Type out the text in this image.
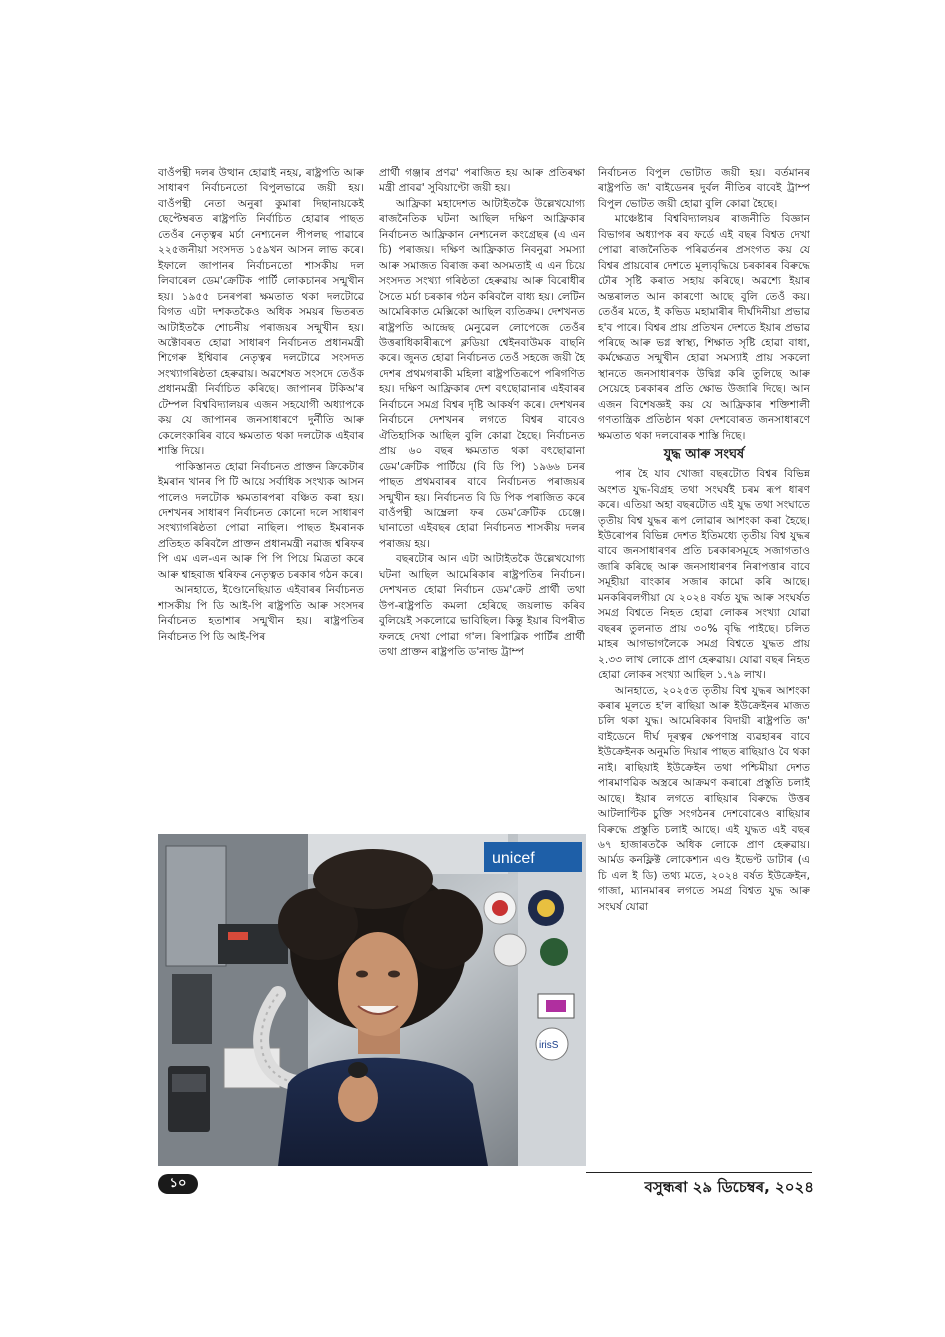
বাওঁপন্থী দলৰ উত্থান হোৱাই নহয়, ৰাষ্ট্ৰপতি আৰু সাধাৰণ নিৰ্বাচনতো বিপুলভাৱে জয়ী হয়। বাওঁপন্থী নেতা অনুৰা কুমাৰা দিছানায়কেই ছেপ্টেম্বৰত ৰাষ্ট্ৰপতি নিৰ্বাচিত হোৱাৰ পাছত তেওঁৰ নেতৃত্বৰ মৰ্চা নেশ্যনেল পীপলছ পাৱাৰে ২২৫জনীয়া সংসদত ১৫৯খন আসন লাভ কৰে। ইফালে জাপানৰ নিৰ্বাচনতো শাসকীয় দল লিবাৰেল ডেম'ক্ৰেটিক পাৰ্টি লোকচানৰ সন্মুখীন হয়। ১৯৫৫ চনৰপৰা ক্ষমতাত থকা দলটোৱে বিগত এটা দশকতকৈও অধিক সময়ৰ ভিতৰত আটাইতকৈ শোচনীয় পৰাজয়ৰ সন্মুখীন হয়। অক্টোবৰত হোৱা সাধাৰণ নিৰ্বাচনত প্ৰধানমন্ত্ৰী শিগেৰু ইশ্বিবাৰ নেতৃত্বৰ দলটোৱে সংসদত সংখ্যাগৰিষ্ঠতা হেৰুৱায়। অৱশেষত সংসদে তেওঁক প্ৰধানমন্ত্ৰী নিৰ্বাচিত কৰিছে। জাপানৰ টকিঅ'ৰ টেম্পল বিশ্ববিদ্যালয়ৰ এজন সহযোগী অধ্যাপকে কয় যে জাপানৰ জনসাধাৰণে দুৰ্নীতি আৰু কেলেংকাৰিৰ বাবে ক্ষমতাত থকা দলটোক এইবাৰ শাস্তি দিয়ে।

পাকিস্তানত হোৱা নিৰ্বাচনত প্ৰাক্তন ক্ৰিকেটাৰ ইমৰান খানৰ পি টি আয়ে সৰ্বাধিক সংখ্যক আসন পালেও দলটোক ক্ষমতাৰপৰা বঞ্চিত কৰা হয়। দেশখনৰ সাধাৰণ নিৰ্বাচনত কোনো দলে সাধাৰণ সংখ্যাগৰিষ্ঠতা পোৱা নাছিল। পাছত ইমৰানক প্ৰতিহত কৰিবলৈ প্ৰাক্তন প্ৰধানমন্ত্ৰী নৱাজ শ্বৰিফৰ পি এম এল-এন আৰু পি পি পিয়ে মিত্ৰতা কৰে আৰু শ্বাহবাজ শ্বৰিফৰ নেতৃত্বত চৰকাৰ গঠন কৰে।

আনহাতে, ইণ্ডোনেছিয়াত এইবাৰৰ নিৰ্বাচনত শাসকীয় পি ডি আই-পি ৰাষ্ট্ৰপতি আৰু সংসদৰ নিৰ্বাচনত হতাশাৰ সন্মুখীন হয়। ৰাষ্ট্ৰপতিৰ নিৰ্বাচনত পি ডি আই-পিৰ

প্ৰাৰ্থী গঞ্জাৰ প্ৰণৱ' পৰাজিত হয় আৰু প্ৰতিৰক্ষা মন্ত্ৰী প্ৰাবৱ' সুবিয়াণ্টো জয়ী হয়।

আফ্ৰিকা মহাদেশত আটাইতকৈ উল্লেখযোগ্য ৰাজনৈতিক ঘটনা আছিল দক্ষিণ আফ্ৰিকাৰ নিৰ্বাচনত আফ্ৰিকান নেশ্যনেল কংগ্ৰেছৰ (এ এন চি) পৰাজয়। দক্ষিণ আফ্ৰিকাত নিবনুৱা সমস্যা আৰু সমাজত বিৰাজ কৰা অসমতাই এ এন চিয়ে সংসদত সংখ্যা গৰিষ্ঠতা হেৰুৱায় আৰু বিৰোধীৰ সৈতে মৰ্চা চৰকাৰ গঠন কৰিবলৈ বাধ্য হয়। লেটিন আমেৰিকাত মেক্সিকো আছিল ব্যতিক্ৰম। দেশখনত ৰাষ্ট্ৰপতি আন্দ্ৰেছ মেনুৱেল লোপেজে তেওঁৰ উত্তৰাধিকাৰীৰূপে ক্লডিয়া শ্বেইনবাউমক বাছনি কৰে। জুনত হোৱা নিৰ্বাচনত তেওঁ সহজে জয়ী হৈ দেশৰ প্ৰথমগৰাকী মহিলা ৰাষ্ট্ৰপতিৰূপে পৰিগণিত হয়। দক্ষিণ আফ্ৰিকাৰ দেশ বৎছোৱানাৰ এইবাৰৰ নিৰ্বাচনে সমগ্ৰ বিশ্বৰ দৃষ্টি আকৰ্ষণ কৰে। দেশখনৰ নিৰ্বাচনে দেশখনৰ লগতে বিশ্বৰ বাবেও ঐতিহাসিক আছিল বুলি কোৱা হৈছে। নিৰ্বাচনত প্ৰায় ৬০ বছৰ ক্ষমতাত থকা বৎছোৱানা ডেম'ক্ৰেটিক পাৰ্টিয়ে (বি ডি পি) ১৯৬৬ চনৰ পাছত প্ৰথমবাৰৰ বাবে নিৰ্বাচনত পৰাজয়ৰ সন্মুখীন হয়। নিৰ্বাচনত বি ডি পিক পৰাজিত কৰে বাওঁপন্থী আম্ব্ৰেলা ফৰ ডেম'ক্ৰেটিক চেঞ্জে। ঘানাতো এইবছৰ হোৱা নিৰ্বাচনত শাসকীয় দলৰ পৰাজয় হয়।

বছৰটোৰ আন এটা আটাইতকৈ উল্লেখযোগ্য ঘটনা আছিল আমেৰিকাৰ ৰাষ্ট্ৰপতিৰ নিৰ্বাচন। দেশখনত হোৱা নিৰ্বাচন ডেম'ক্ৰেট প্ৰাৰ্থী তথা উপ-ৰাষ্ট্ৰপতি কমলা হেৰিছে জয়লাভ কৰিব বুলিয়েই সকলোৱে ভাবিছিল। কিন্তু ইয়াৰ বিপৰীত ফলহে দেখা পোৱা গ'ল। ৰিপাব্লিক পাৰ্টিৰ প্ৰাৰ্থী তথা প্ৰাক্তন ৰাষ্ট্ৰপতি ড'নাল্ড ট্ৰাম্প

নিৰ্বাচনত বিপুল ভোটাত জয়ী হয়। বৰ্তমানৰ ৰাষ্ট্ৰপতি জ' বাইডেনৰ দুৰ্বল নীতিৰ বাবেই ট্ৰাম্প বিপুল ভোটত জয়ী হোৱা বুলি কোৱা হৈছে।

মাঞ্চেষ্টাৰ বিশ্ববিদ্যালয়ৰ ৰাজনীতি বিজ্ঞান বিভাগৰ অধ্যাপক ৰব ফৰ্ডে এই বছৰ বিশ্বত দেখা পোৱা ৰাজনৈতিক পৰিৱৰ্তনৰ প্ৰসংগত কয় যে বিশ্বৰ প্ৰায়বোৰ দেশতে মূল্যবৃদ্ধিয়ে চৰকাৰৰ বিৰুদ্ধে ঢৌৰ সৃষ্টি কৰাত সহায় কৰিছে। অৱশ্যে ইয়াৰ অন্তৰালত আন কাৰণো আছে বুলি তেওঁ কয়। তেওঁৰ মতে, ই কভিড মহামাৰীৰ দীৰ্ঘদিনীয়া প্ৰভাৱ হ'ব পাৰে। বিশ্বৰ প্ৰায় প্ৰতিখন দেশতে ইয়াৰ প্ৰভাৱ পৰিছে আৰু ভগ্ন স্বাস্থ্য, শিক্ষাত সৃষ্টি হোৱা বাধা, কৰ্মক্ষেত্ৰত সন্মুখীন হোৱা সমস্যাই প্ৰায় সকলো স্থানতে জনসাধাৰণক উদ্বিগ্ন কৰি তুলিছে আৰু সেয়েহে চৰকাৰৰ প্ৰতি ক্ষোভ উজাৰি দিছে। আন এজন বিশেষজ্ঞই কয় যে আফ্ৰিকাৰ শক্তিশালী গণতান্ত্ৰিক প্ৰতিষ্ঠান থকা দেশবোৰত জনসাধাৰণে ক্ষমতাত থকা দলবোৰক শাস্তি দিছে।

যুদ্ধ আৰু সংঘৰ্ষ

পাৰ হৈ যাব খোজা বছৰটোত বিশ্বৰ বিভিন্ন অংশত যুদ্ধ-বিগ্ৰহ তথা সংঘৰ্ষই চৰম ৰূপ ধাৰণ কৰে। এতিয়া অহা বছৰটোত এই যুদ্ধ তথা সংঘাতে তৃতীয় বিশ্ব যুদ্ধৰ ৰূপ লোৱাৰ আশংকা কৰা হৈছে। ইউৰোপৰ বিভিন্ন দেশত ইতিমধ্যে তৃতীয় বিশ্ব যুদ্ধৰ বাবে জনসাধাৰণৰ প্ৰতি চৰকাৰসমূহে সজাগতাও জাৰি কৰিছে আৰু জনসাধাৰণৰ নিৰাপত্তাৰ বাবে সমূহীয়া বাংকাৰ সজাৰ কামো কৰি আছে। মনকৰিবলগীয়া যে ২০২৪ বৰ্ষত যুদ্ধ আৰু সংঘৰ্ষত সমগ্ৰ বিশ্বতে নিহত হোৱা লোকৰ সংখ্যা যোৱা বছৰৰ তুলনাত প্ৰায় ৩০% বৃদ্ধি পাইছে। চলিত মাহৰ আগভাগলৈকে সমগ্ৰ বিশ্বতে যুদ্ধত প্ৰায় ২.৩৩ লাখ লোকে প্ৰাণ হেৰুৱায়। যোৱা বছৰ নিহত হোৱা লোকৰ সংখ্যা আছিল ১.৭৯ লাখ।

আনহাতে, ২০২৫ত তৃতীয় বিশ্ব যুদ্ধৰ আশংকা কৰাৰ মূলতে হ'ল ৰাছিয়া আৰু ইউক্ৰেইনৰ মাজত চলি থকা যুদ্ধ। আমেৰিকাৰ বিদায়ী ৰাষ্ট্ৰপতি জ' বাইডেনে দীৰ্ঘ দূৰত্বৰ ক্ষেপণাস্ত্ৰ ব্যৱহাৰৰ বাবে ইউক্ৰেইনক অনুমতি দিয়াৰ পাছত ৰাছিয়াও বৈ থকা নাই। ৰাছিয়াই ইউক্ৰেইন তথা পশ্চিমীয়া দেশত পাৰমাণৱিক অস্ত্ৰৰে আক্ৰমণ কৰাৰো প্ৰস্তুতি চলাই আছে। ইয়াৰ লগতে ৰাছিয়াৰ বিৰুদ্ধে উত্তৰ আটলাণ্টিক চুক্তি সংগঠনৰ দেশবোৰেও ৰাছিয়াৰ বিৰুদ্ধে প্ৰস্তুতি চলাই আছে। এই যুদ্ধত এই বছৰ ৬৭ হাজাৰতকৈ অধিক লোকে প্ৰাণ হেৰুৱায়। আৰ্মড কনফ্লিক্ট লোকেশ্যন এণ্ড ইভেণ্ট ডাটাৰ (এ চি এল ই ডি) তথ্য মতে, ২০২৪ বৰ্ষত ইউক্ৰেইন, গাজা, ম্যানমাৰৰ লগতে সমগ্ৰ বিশ্বত যুদ্ধ আৰু সংঘৰ্ষ যোৱা

unicef
irisS
১০	বসুন্ধৰা ২৯ ডিচেম্বৰ, ২০২৪
